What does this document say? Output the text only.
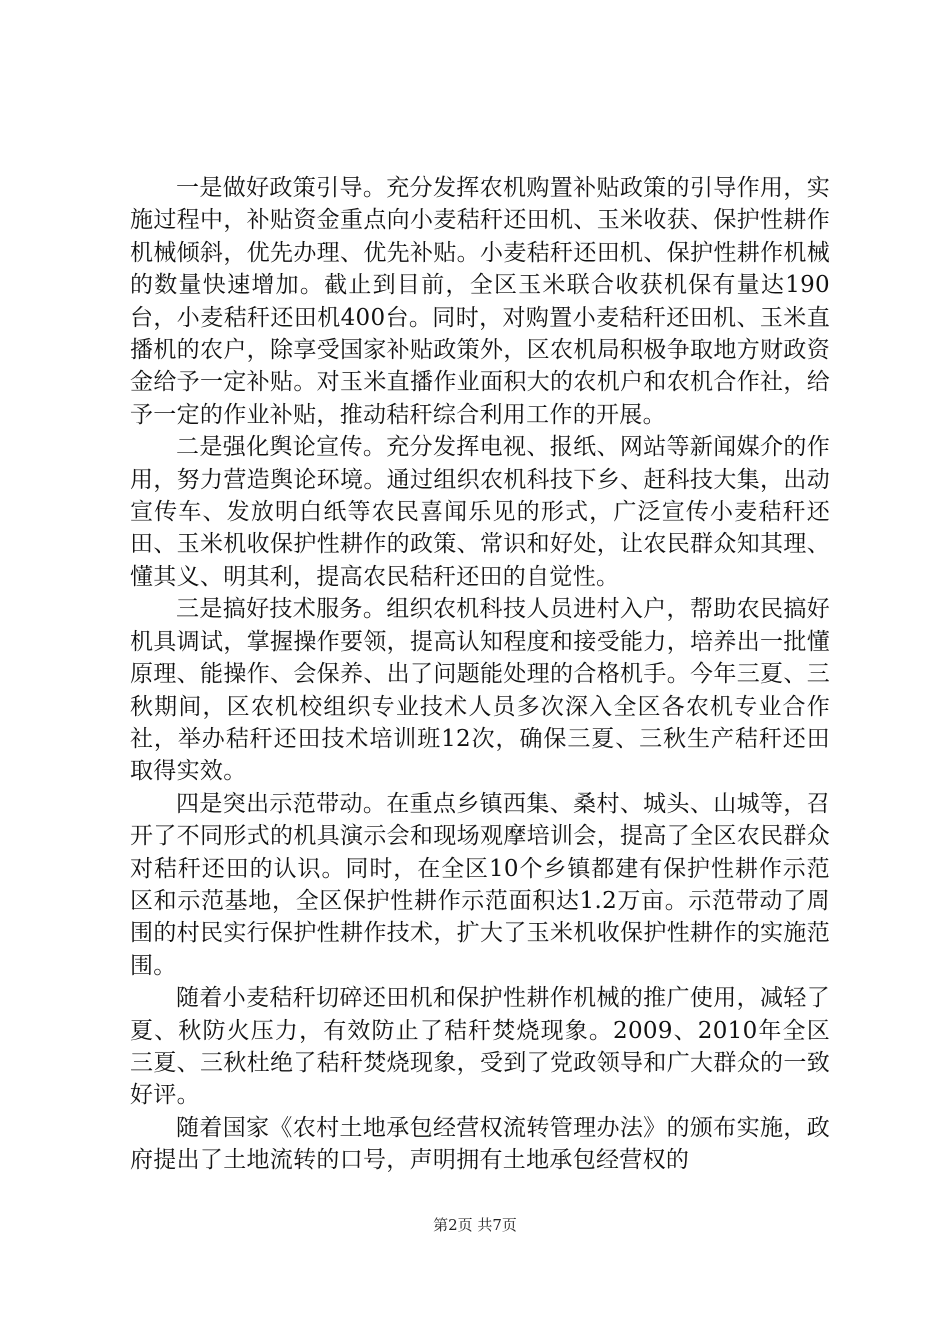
一是做好政策引导。充分发挥农机购置补贴政策的引导作用，实施过程中，补贴资金重点向小麦秸秆还田机、玉米收获、保护性耕作机械倾斜，优先办理、优先补贴。小麦秸秆还田机、保护性耕作机械的数量快速增加。截止到目前，全区玉米联合收获机保有量达190台，小麦秸秆还田机400台。同时，对购置小麦秸秆还田机、玉米直播机的农户，除享受国家补贴政策外，区农机局积极争取地方财政资金给予一定补贴。对玉米直播作业面积大的农机户和农机合作社，给予一定的作业补贴，推动秸秆综合利用工作的开展。

二是强化舆论宣传。充分发挥电视、报纸、网站等新闻媒介的作用，努力营造舆论环境。通过组织农机科技下乡、赶科技大集，出动宣传车、发放明白纸等农民喜闻乐见的形式，广泛宣传小麦秸秆还田、玉米机收保护性耕作的政策、常识和好处，让农民群众知其理、懂其义、明其利，提高农民秸秆还田的自觉性。

三是搞好技术服务。组织农机科技人员进村入户，帮助农民搞好机具调试，掌握操作要领，提高认知程度和接受能力，培养出一批懂原理、能操作、会保养、出了问题能处理的合格机手。今年三夏、三秋期间，区农机校组织专业技术人员多次深入全区各农机专业合作社，举办秸秆还田技术培训班12次，确保三夏、三秋生产秸秆还田取得实效。

四是突出示范带动。在重点乡镇西集、桑村、城头、山城等，召开了不同形式的机具演示会和现场观摩培训会，提高了全区农民群众对秸秆还田的认识。同时，在全区10个乡镇都建有保护性耕作示范区和示范基地，全区保护性耕作示范面积达1.2万亩。示范带动了周围的村民实行保护性耕作技术，扩大了玉米机收保护性耕作的实施范围。

随着小麦秸秆切碎还田机和保护性耕作机械的推广使用，减轻了夏、秋防火压力，有效防止了秸秆焚烧现象。2009、2010年全区三夏、三秋杜绝了秸秆焚烧现象，受到了党政领导和广大群众的一致好评。

随着国家《农村土地承包经营权流转管理办法》的颁布实施，政府提出了土地流转的口号，声明拥有土地承包经营权的

第2页 共7页
